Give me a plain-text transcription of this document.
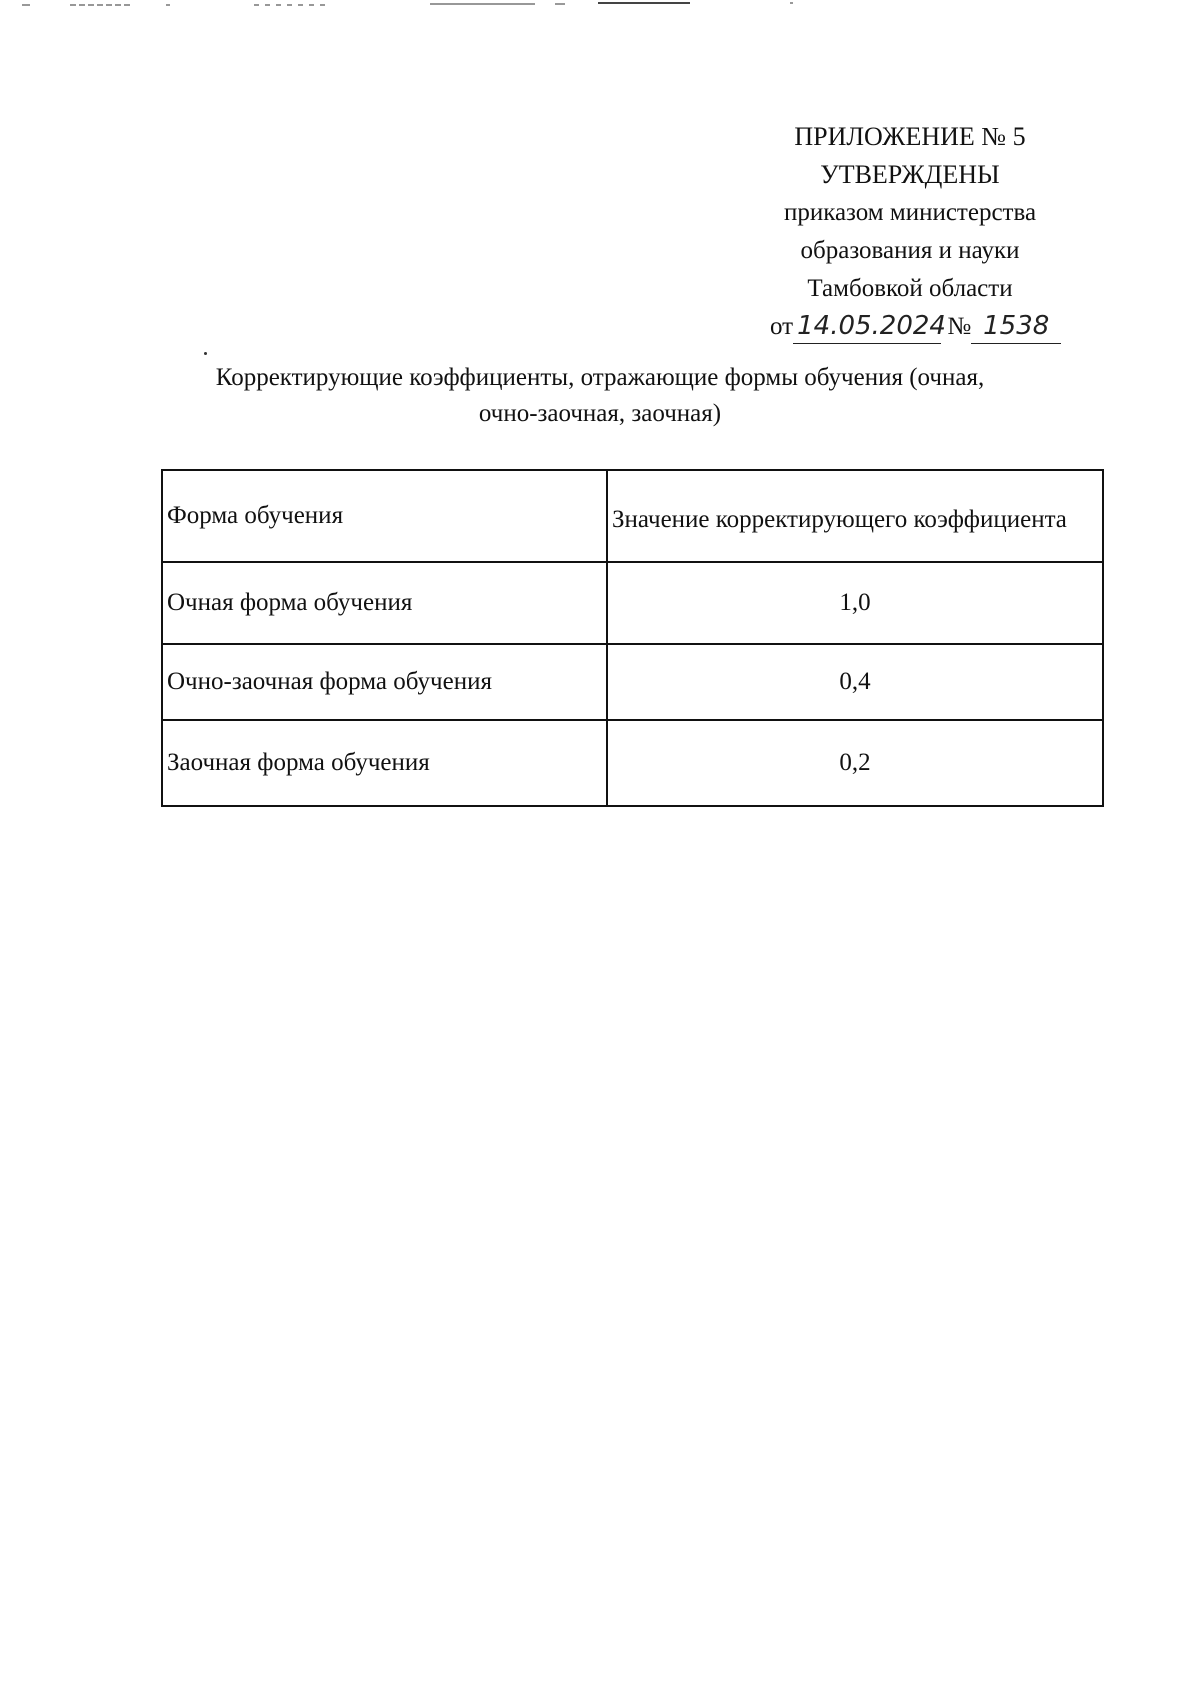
ПРИЛОЖЕНИЕ № 5
УТВЕРЖДЕНЫ
приказом министерства
образования и науки
Тамбовкой области
от 14.05.2024 № 1538
Корректирующие коэффициенты, отражающие формы обучения (очная,
очно-заочная, заочная)
Форма обучения	Значение корректирующего коэффициента
Очная форма обучения	1,0
Очно-заочная форма обучения	0,4
Заочная форма обучения	0,2
